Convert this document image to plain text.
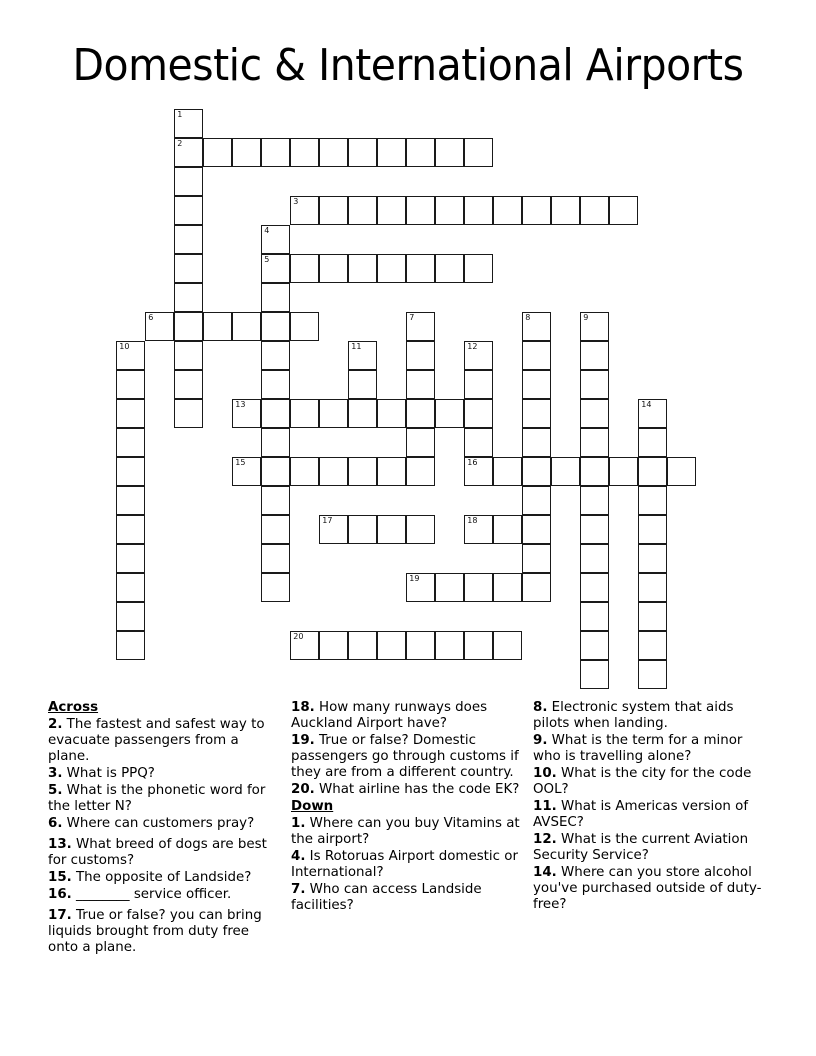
Domestic & International Airports
1
2
3
4
5
6	7	8	9
10	11	12
16
13	14
15
17	18
19
20
Across
2. The fastest and safest way to evacuate passengers from a plane.
3. What is PPQ?
5. What is the phonetic word for the letter N?
6. Where can customers pray?
13. What breed of dogs are best for customs?
15. The opposite of Landside?
16. ________ service officer.
17. True or false? you can bring liquids brought from duty free onto a plane.
18. How many runways does Auckland Airport have?
19. True or false? Domestic passengers go through customs if they are from a different country.
20. What airline has the code EK?
Down
1. Where can you buy Vitamins at the airport?
4. Is Rotoruas Airport domestic or International?
7. Who can access Landside facilities?
8. Electronic system that aids pilots when landing.
9. What is the term for a minor who is travelling alone?
10. What is the city for the code OOL?
11. What is Americas version of AVSEC?
12. What is the current Aviation Security Service?
14. Where can you store alcohol you've purchased outside of duty-free?
